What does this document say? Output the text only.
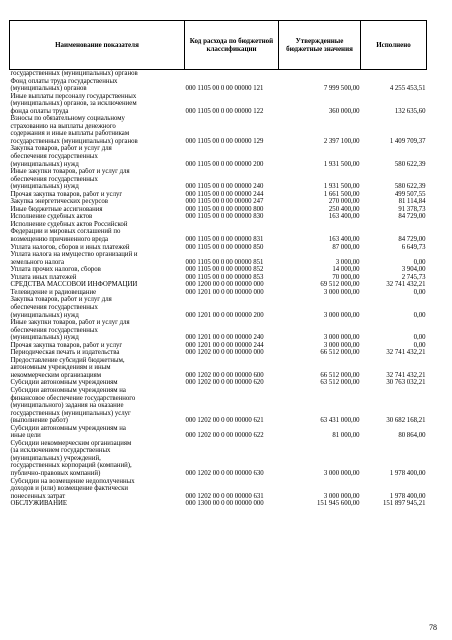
Наименование показателя	Код расхода по бюджетной классификации	Утвержденные бюджетные значения	Исполнено

государственных (муниципальных) органов			

Фонд оплаты труда государственных
(муниципальных) органов	000 1105 00 0 00 00000 121	7 999 500,00	4 255 453,51

Иные выплаты персоналу государственных
(муниципальных) органов, за исключением
фонда оплаты труда	000 1105 00 0 00 00000 122	360 000,00	132 635,60

Взносы по обязательному социальному
страхованию на выплаты денежного
содержания и иные выплаты работникам
государственных (муниципальных) органов	000 1105 00 0 00 00000 129	2 397 100,00	1 409 709,37

Закупка товаров, работ и услуг для
обеспечения государственных
(муниципальных) нужд	000 1105 00 0 00 00000 200	1 931 500,00	580 622,39

Иные закупки товаров, работ и услуг для
обеспечения государственных
(муниципальных) нужд	000 1105 00 0 00 00000 240	1 931 500,00	580 622,39

Прочая закупка товаров, работ и услуг	000 1105 00 0 00 00000 244	1 661 500,00	499 507,55

Закупка энергетических ресурсов	000 1105 00 0 00 00000 247	270 000,00	81 114,84

Иные бюджетные ассигнования	000 1105 00 0 00 00000 800	250 400,00	91 378,73

Исполнение судебных актов	000 1105 00 0 00 00000 830	163 400,00	84 729,00

Исполнение судебных актов Российской
Федерации и мировых соглашений по
возмещению причиненного вреда	000 1105 00 0 00 00000 831	163 400,00	84 729,00

Уплата налогов, сборов и иных платежей	000 1105 00 0 00 00000 850	87 000,00	6 649,73

Уплата налога на имущество организаций и
земельного налога	000 1105 00 0 00 00000 851	3 000,00	0,00

Уплата прочих налогов, сборов	000 1105 00 0 00 00000 852	14 000,00	3 904,00

Уплата иных платежей	000 1105 00 0 00 00000 853	70 000,00	2 745,73

СРЕДСТВА МАССОВОЙ ИНФОРМАЦИИ	000 1200 00 0 00 00000 000	69 512 000,00	32 741 432,21

Телевидение и радиовещание	000 1201 00 0 00 00000 000	3 000 000,00	0,00

Закупка товаров, работ и услуг для
обеспечения государственных
(муниципальных) нужд	000 1201 00 0 00 00000 200	3 000 000,00	0,00

Иные закупки товаров, работ и услуг для
обеспечения государственных
(муниципальных) нужд	000 1201 00 0 00 00000 240	3 000 000,00	0,00

Прочая закупка товаров, работ и услуг	000 1201 00 0 00 00000 244	3 000 000,00	0,00

Периодическая печать и издательства	000 1202 00 0 00 00000 000	66 512 000,00	32 741 432,21

Предоставление субсидий бюджетным,
автономным учреждениям и иным
некоммерческим организациям	000 1202 00 0 00 00000 600	66 512 000,00	32 741 432,21

Субсидии автономным учреждениям	000 1202 00 0 00 00000 620	63 512 000,00	30 763 032,21

Субсидии автономным учреждениям на
финансовое обеспечение государственного
(муниципального) задания на оказание
государственных (муниципальных) услуг
(выполнение работ)	000 1202 00 0 00 00000 621	63 431 000,00	30 682 168,21

Субсидии автономным учреждениям на
иные цели	000 1202 00 0 00 00000 622	81 000,00	80 864,00

Субсидии некоммерческим организациям
(за исключением государственных
(муниципальных) учреждений,
государственных корпораций (компаний),
публично-правовых компаний)	000 1202 00 0 00 00000 630	3 000 000,00	1 978 400,00

Субсидии на возмещение недополученных
доходов и (или) возмещение фактически
понесенных затрат	000 1202 00 0 00 00000 631	3 000 000,00	1 978 400,00

ОБСЛУЖИВАНИЕ	000 1300 00 0 00 00000 000	151 945 600,00	151 897 945,21
78
